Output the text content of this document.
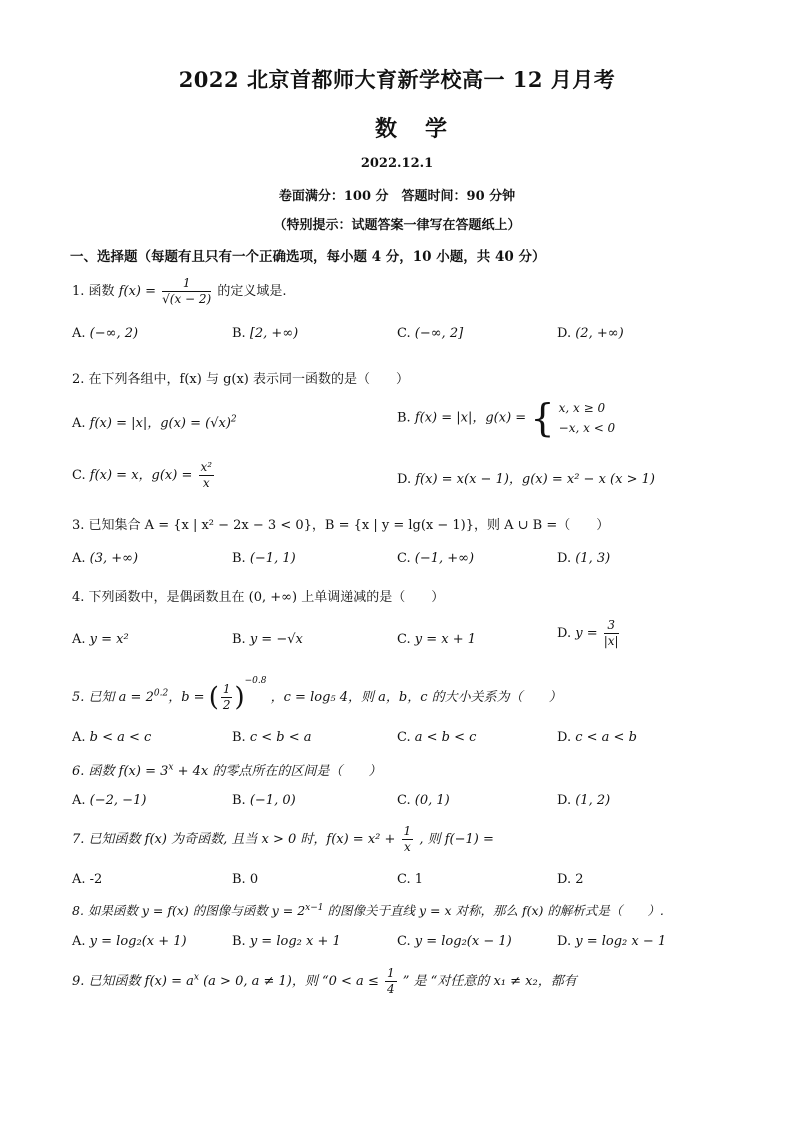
2022 北京首都师大育新学校高一 12 月月考
数学
2022.12.1
卷面满分：100 分　答题时间：90 分钟
（特别提示：试题答案一律写在答题纸上）
一、选择题（每题有且只有一个正确选项，每小题 4 分，10 小题，共 40 分）
1. 函数 $f(x) = \frac{1}{√(x - 2)}$ 的定义域是.
A. (−∞, 2)	B. [2, +∞)	C. (−∞, 2]	D. (2, +∞)
2. 在下列各组中，f(x) 与 g(x) 表示同一函数的是（　　）
A. f(x) = |x|，$g(x) = (√x)^2$	B. f(x) = |x|，g(x) = { x, x ≥ 0
−x, x < 0
C. f(x) = x，$g(x) = \frac{\text{x²}}{x}$	D. f(x) = x(x − 1)，g(x) = x² − x (x > 1)
3. 已知集合 A = {x | x² − 2x − 3 < 0}，B = {x | y = lg(x − 1)}，则 A ∪ B =（　　）
A. (3, +∞)	B. (−1, 1)	C. (−1, +∞)	D. (1, 3)
4. 下列函数中，是偶函数且在 (0, +∞) 上单调递减的是（　　）
A. y = x²	B. y = −√x	C. y = x + 1	D. $y = \frac{3}{|x|}$
5. 已知 $a = 2^{0.2}$，b = ( $\frac{1}{2} )^{-0.8}$ ，c = log₅ 4，则 a，b，c 的大小关系为（　　）
A. b < a < c	B. c < b < a	C. a < b < c	D. c < a < b
6. 函数 $f(x) = 3^x + 4x$ 的零点所在的区间是（　　）
A. (−2, −1)	B. (−1, 0)	C. (0, 1)	D. (1, 2)
7. 已知函数 f(x) 为奇函数, 且当 x > 0 时，$f(x) = x^2 + \frac{1}{x}$ , 则 f(−1) =
A. -2	B. 0	C. 1	D. 2
8. 如果函数 y = f(x) 的图像与函数 $y = 2^{x-1}$ 的图像关于直线 y = x 对称，那么 f(x) 的解析式是（　　）.
A. y = log₂(x + 1)	B. y = log₂ x + 1	C. y = log₂(x − 1)	D. y = log₂ x − 1
9. 已知函数 $f(x) = a^x$ (a > 0, a ≠ 1)，则 “$0 < a \le \frac{1}{4}$ ” 是 “对任意的 x₁ ≠ x₂，都有
